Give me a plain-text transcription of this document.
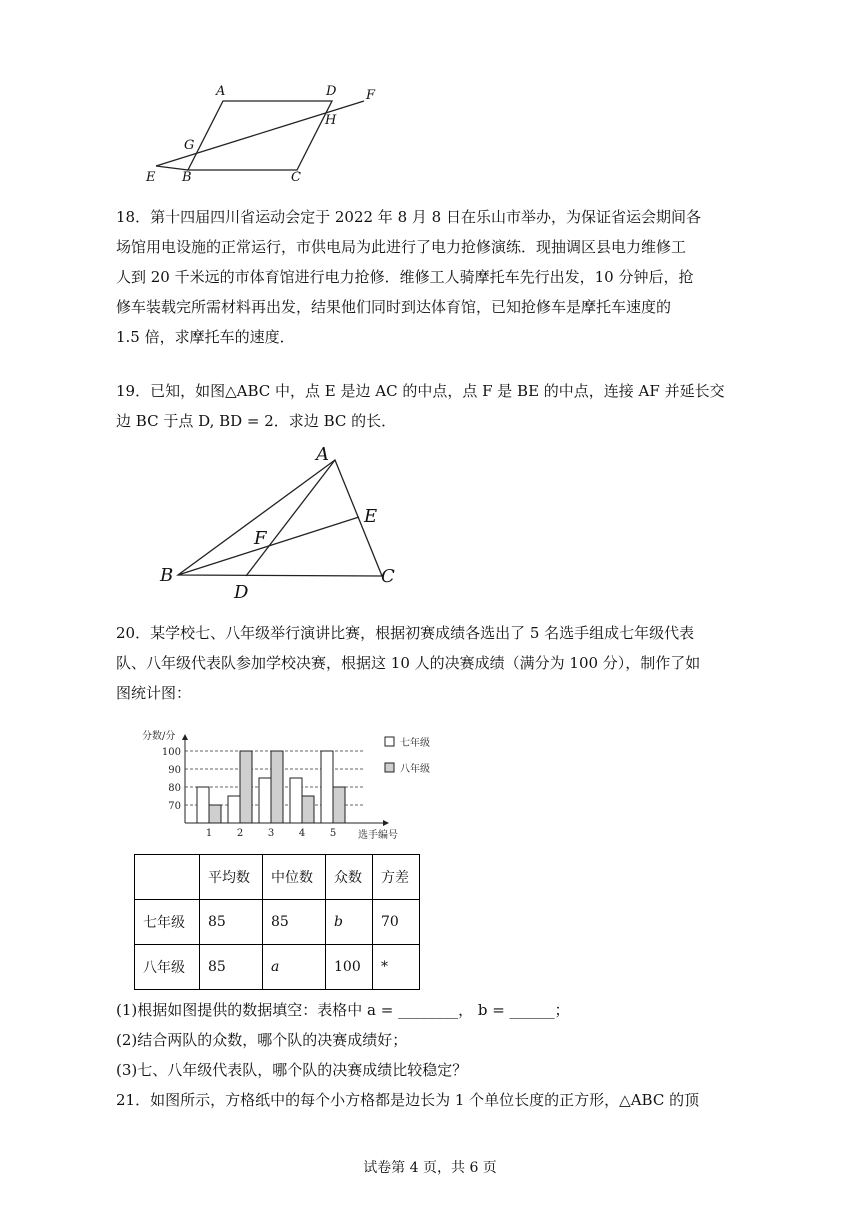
A	D F
H
G
E B	C
18．第十四届四川省运动会定于 2022 年 8 月 8 日在乐山市举办，为保证省运会期间各
场馆用电设施的正常运行，市供电局为此进行了电力抢修演练．现抽调区县电力维修工
人到 20 千米远的市体育馆进行电力抢修．维修工人骑摩托车先行出发，10 分钟后，抢
修车装载完所需材料再出发，结果他们同时到达体育馆，已知抢修车是摩托车速度的
1.5 倍，求摩托车的速度．
19．已知，如图△ABC 中，点 E 是边 AC 的中点，点 F 是 BE 的中点，连接 AF 并延长交
边 BC 于点 D, BD = 2．求边 BC 的长．
A
E
F
B
D
C
20．某学校七、八年级举行演讲比赛，根据初赛成绩各选出了 5 名选手组成七年级代表
队、八年级代表队参加学校决赛，根据这 10 人的决赛成绩（满分为 100 分），制作了如
图统计图：
70
80
90
100
分数/分
选手编号
1 2 3 4 5
七年级
八年级
	平均数	中位数	众数	方差
七年级	85	85	b	70
八年级	85	a	100	*
(1)根据如图提供的数据填空：表格中 a = ________， b = ______；
(2)结合两队的众数，哪个队的决赛成绩好；
(3)七、八年级代表队，哪个队的决赛成绩比较稳定？
21．如图所示，方格纸中的每个小方格都是边长为 1 个单位长度的正方形，△ABC 的顶
试卷第 4 页，共 6 页
